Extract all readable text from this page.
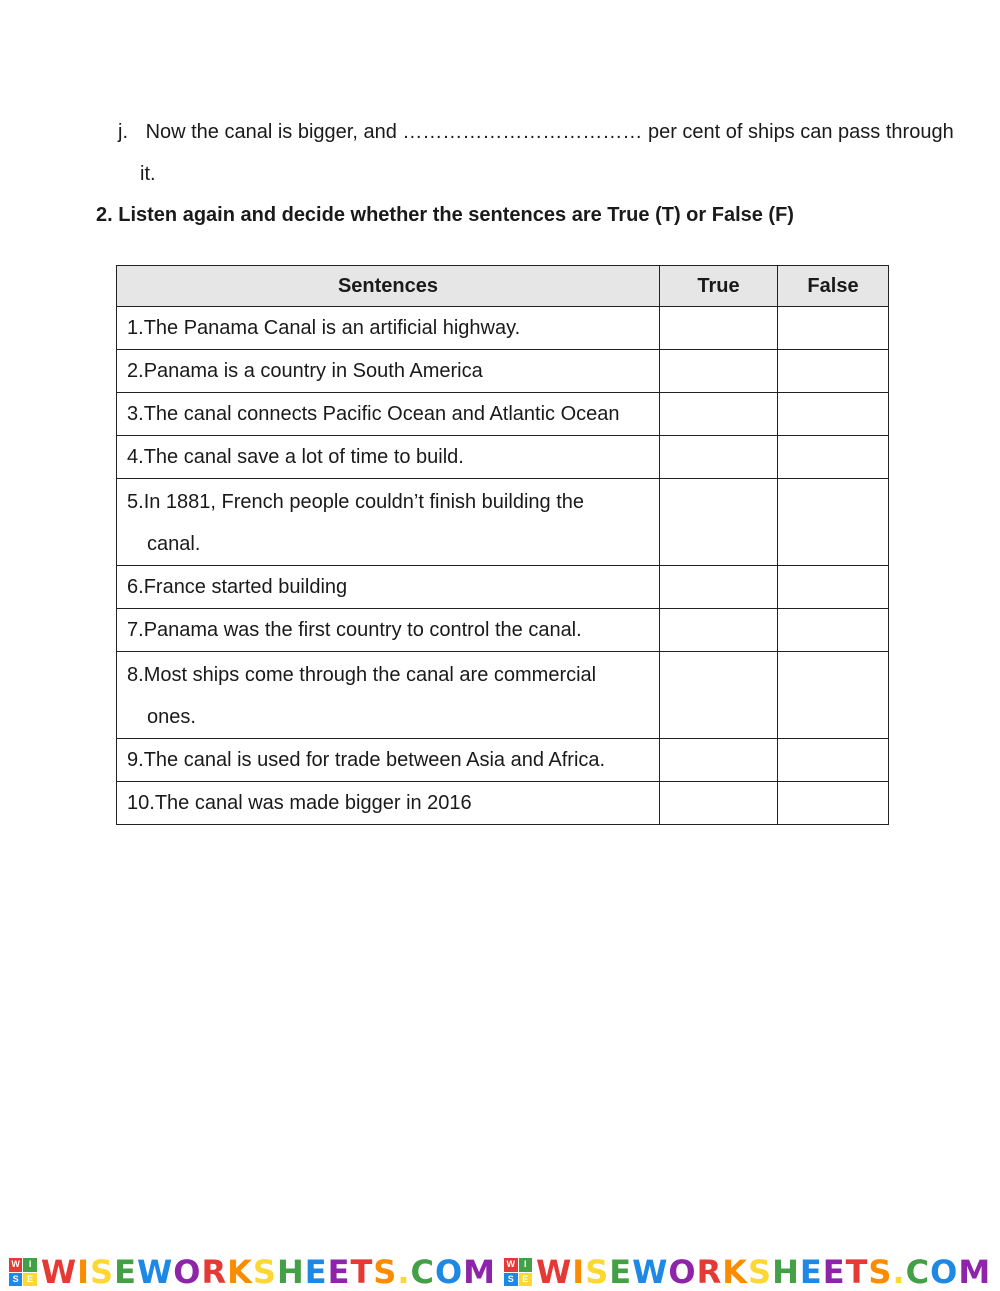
j. Now the canal is bigger, and ……………………………… per cent of ships can pass through
it.
2. Listen again and decide whether the sentences are True (T) or False (F)
Sentences	True	False
1.The Panama Canal is an artificial highway.		
2.Panama is a country in South America		
3.The canal connects Pacific Ocean and Atlantic Ocean		
4.The canal save a lot of time to build.		
5.In 1881, French people couldn’t finish building the
canal.		
6.France started building		
7.Panama was the first country to control the canal.		
8.Most ships come through the canal are commercial
ones.		
9.The canal is used for trade between Asia and Africa.		
10.The canal was made bigger in 2016		
W I
S E WISEWORKSHEETS.COM W I
S E WISEWORKSHEETS.COM
